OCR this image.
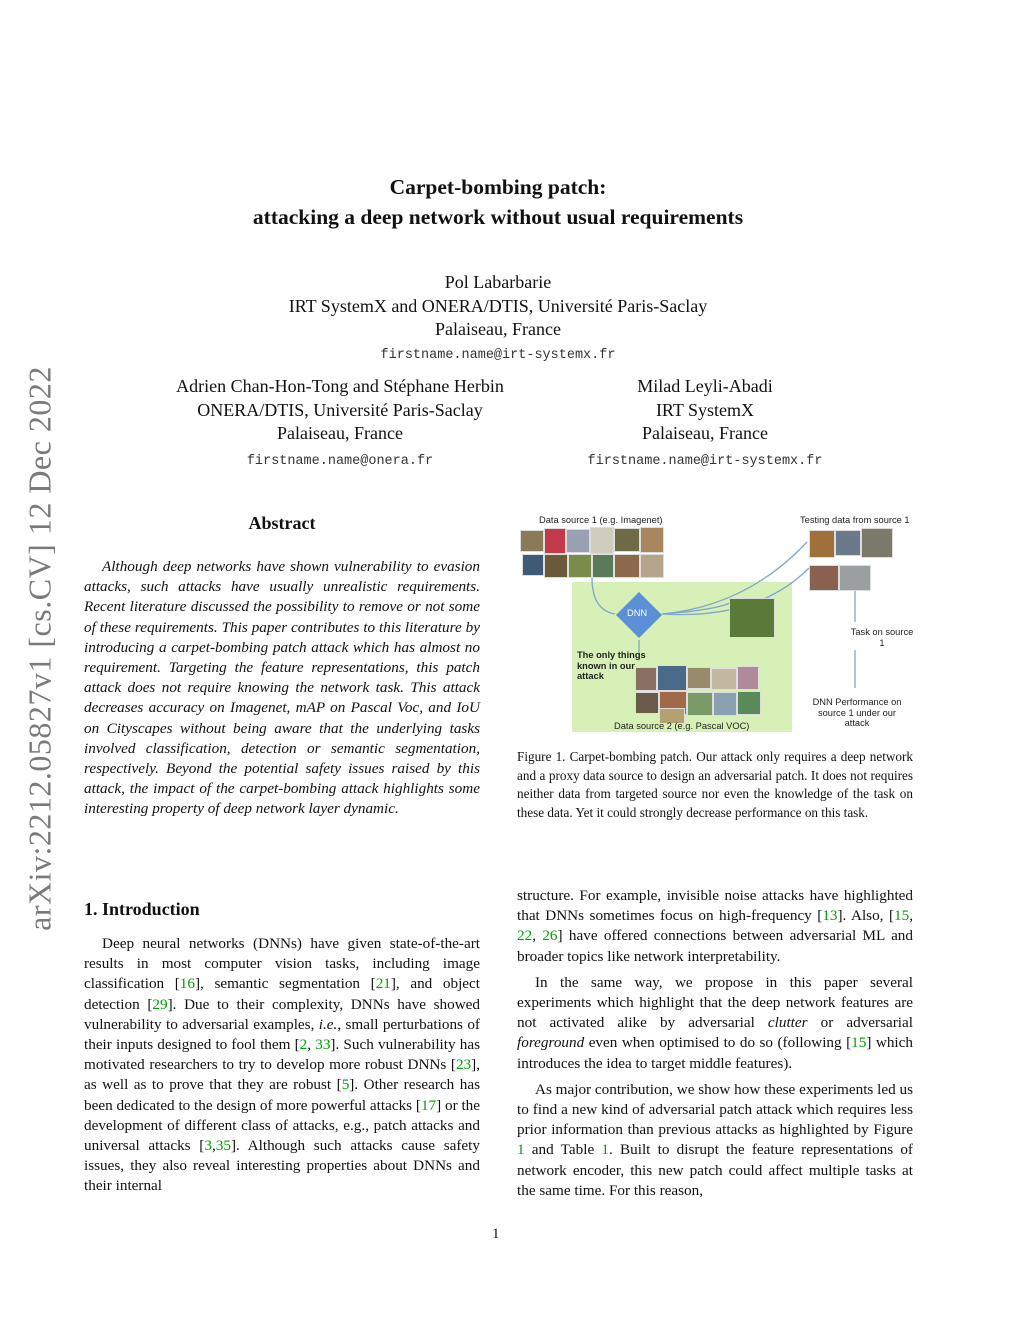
arXiv:2212.05827v1 [cs.CV] 12 Dec 2022
Carpet-bombing patch:
attacking a deep network without usual requirements
Pol Labarbarie
IRT SystemX and ONERA/DTIS, Université Paris-Saclay
Palaiseau, France
firstname.name@irt-systemx.fr
Adrien Chan-Hon-Tong and Stéphane Herbin
ONERA/DTIS, Université Paris-Saclay
Palaiseau, France
firstname.name@onera.fr
Milad Leyli-Abadi
IRT SystemX
Palaiseau, France
firstname.name@irt-systemx.fr
Abstract
Although deep networks have shown vulnerability to evasion attacks, such attacks have usually unrealistic requirements. Recent literature discussed the possibility to remove or not some of these requirements. This paper contributes to this literature by introducing a carpet-bombing patch attack which has almost no requirement. Targeting the feature representations, this patch attack does not require knowing the network task. This attack decreases accuracy on Imagenet, mAP on Pascal Voc, and IoU on Cityscapes without being aware that the underlying tasks involved classification, detection or semantic segmentation, respectively. Beyond the potential safety issues raised by this attack, the impact of the carpet-bombing attack highlights some interesting property of deep network layer dynamic.
1. Introduction

Deep neural networks (DNNs) have given state-of-the-art results in most computer vision tasks, including image classification [16], semantic segmentation [21], and object detection [29]. Due to their complexity, DNNs have showed vulnerability to adversarial examples, i.e., small perturbations of their inputs designed to fool them [2, 33]. Such vulnerability has motivated researchers to try to develop more robust DNNs [23], as well as to prove that they are robust [5]. Other research has been dedicated to the design of more powerful attacks [17] or the development of different class of attacks, e.g., patch attacks and universal attacks [3,35]. Although such attacks cause safety issues, they also reveal interesting properties about DNNs and their internal

Data source 1 (e.g. Imagenet)	Testing data from source 1
DNN
The only things known in our attack
Data source 2 (e.g. Pascal VOC)
Task on source 1
DNN Performance on source 1 under our attack
Figure 1. Carpet-bombing patch. Our attack only requires a deep network and a proxy data source to design an adversarial patch. It does not requires neither data from targeted source nor even the knowledge of the task on these data. Yet it could strongly decrease performance on this task.

structure. For example, invisible noise attacks have highlighted that DNNs sometimes focus on high-frequency [13]. Also, [15, 22, 26] have offered connections between adversarial ML and broader topics like network interpretability.

In the same way, we propose in this paper several experiments which highlight that the deep network features are not activated alike by adversarial clutter or adversarial foreground even when optimised to do so (following [15] which introduces the idea to target middle features).

As major contribution, we show how these experiments led us to find a new kind of adversarial patch attack which requires less prior information than previous attacks as highlighted by Figure 1 and Table 1. Built to disrupt the feature representations of network encoder, this new patch could affect multiple tasks at the same time. For this reason,

1
